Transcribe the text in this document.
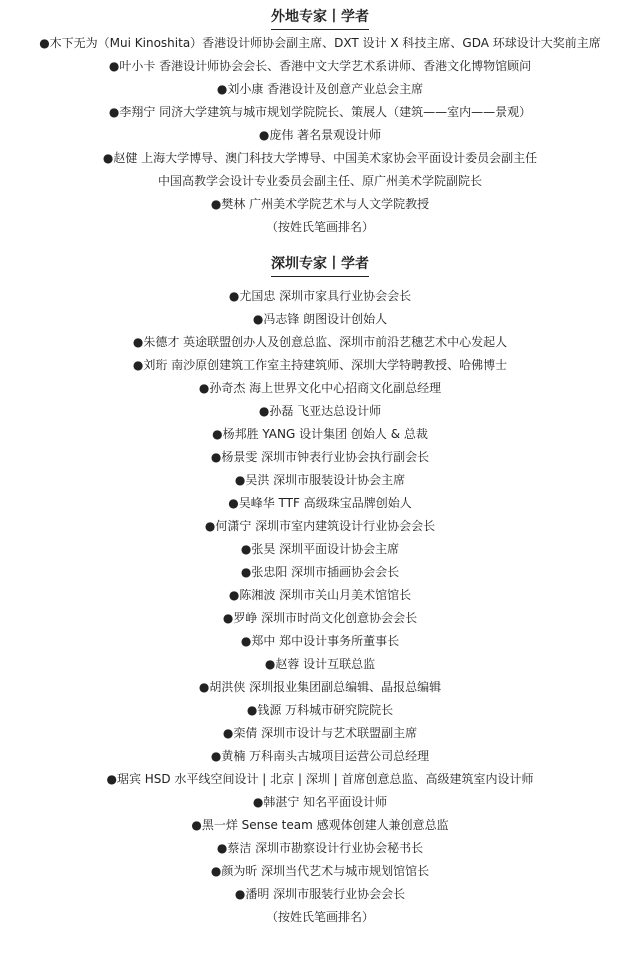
外地专家丨学者
●木下无为（Mui Kinoshita）香港设计师协会副主席、DXT 设计 X 科技主席、GDA 环球设计大奖前主席
●叶小卡 香港设计师协会会长、香港中文大学艺术系讲师、香港文化博物馆顾问
●刘小康 香港设计及创意产业总会主席
●李翔宁 同济大学建筑与城市规划学院院长、策展人（建筑——室内——景观）
●庞伟 著名景观设计师
●赵健 上海大学博导、澳门科技大学博导、中国美术家协会平面设计委员会副主任
中国高教学会设计专业委员会副主任、原广州美术学院副院长
●樊林 广州美术学院艺术与人文学院教授
（按姓氏笔画排名）
深圳专家丨学者
●尤国忠 深圳市家具行业协会会长
●冯志锋 朗图设计创始人
●朱德才 英途联盟创办人及创意总监、深圳市前沿艺穗艺术中心发起人
●刘珩 南沙原创建筑工作室主持建筑师、深圳大学特聘教授、哈佛博士
●孙奇杰 海上世界文化中心招商文化副总经理
●孙磊 飞亚达总设计师
●杨邦胜 YANG 设计集团 创始人 & 总裁
●杨景雯 深圳市钟表行业协会执行副会长
●吴洪 深圳市服装设计协会主席
●吴峰华 TTF 高级珠宝品牌创始人
●何潇宁 深圳市室内建筑设计行业协会会长
●张昊 深圳平面设计协会主席
●张忠阳 深圳市插画协会会长
●陈湘波 深圳市关山月美术馆馆长
●罗峥 深圳市时尚文化创意协会会长
●郑中 郑中设计事务所董事长
●赵蓉 设计互联总监
●胡洪侠 深圳报业集团副总编辑、晶报总编辑
●钱源 万科城市研究院院长
●栾倩 深圳市设计与艺术联盟副主席
●黄楠 万科南头古城项目运营公司总经理
●琚宾 HSD 水平线空间设计 | 北京 | 深圳 | 首席创意总监、高级建筑室内设计师
●韩湛宁 知名平面设计师
●黑一烊 Sense team 感观体创建人兼创意总监
●蔡洁 深圳市勘察设计行业协会秘书长
●颜为昕 深圳当代艺术与城市规划馆馆长
●潘明 深圳市服装行业协会会长
（按姓氏笔画排名）
